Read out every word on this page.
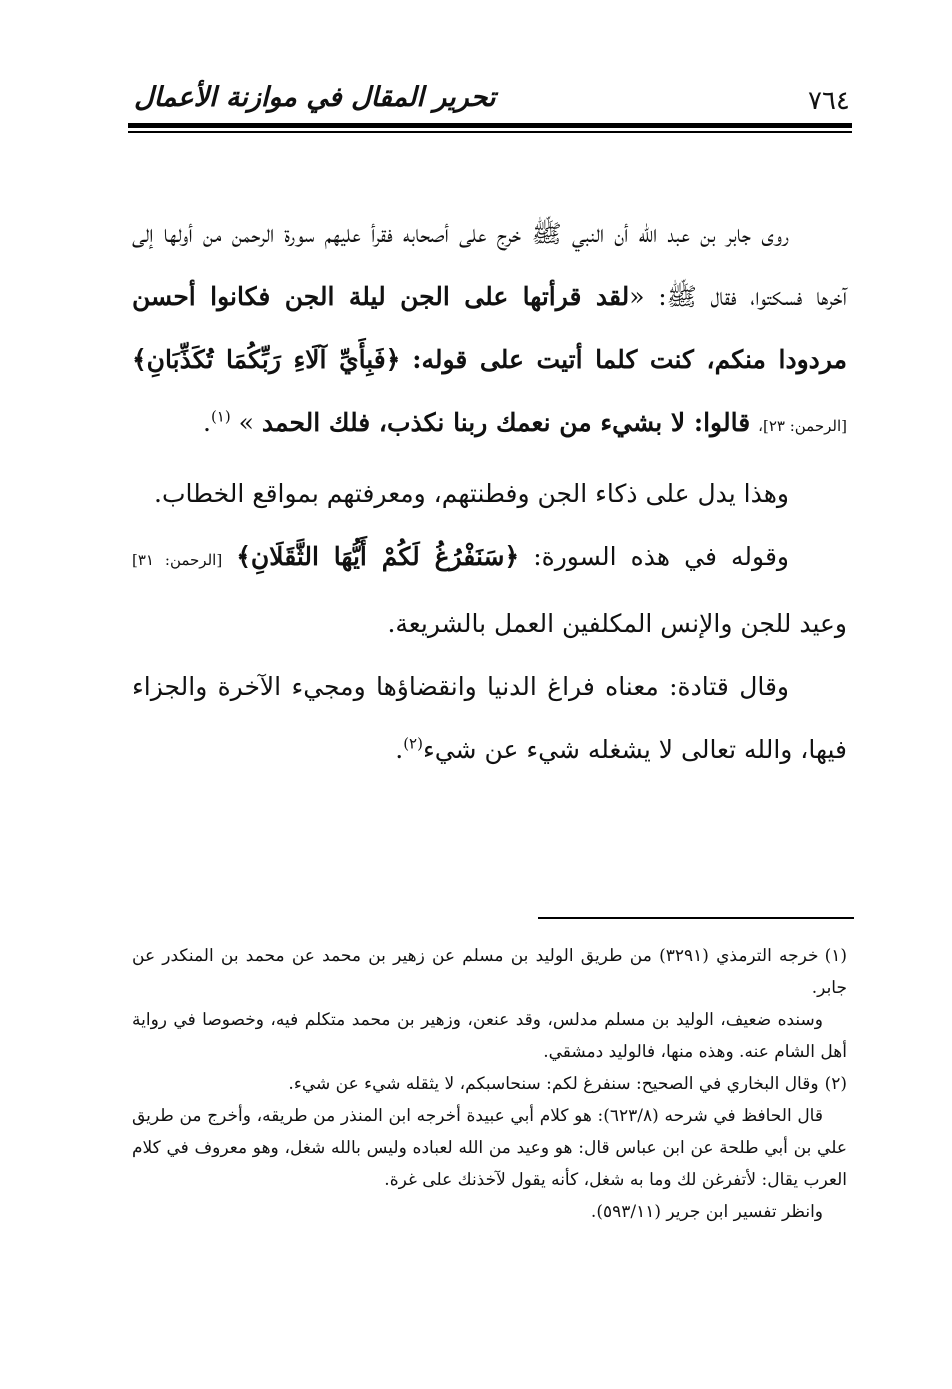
٧٦٤
تحرير المقال في موازنة الأعمال

روى جابر بن عبد الله أن النبي ﷺ خرج على أصحابه فقرأ عليهم سورة الرحمن من أولها إلى آخرها فسكتوا، فقال ﷺ: «لقد قرأتها على الجن ليلة الجن فكانوا أحسن مردودا منكم، كنت كلما أتيت على قوله: ﴿فَبِأَيِّ آلَاءِ رَبِّكُمَا تُكَذِّبَانِ﴾ [الرحمن: ٢٣]، قالوا: لا بشيء من نعمك ربنا نكذب، فلك الحمد » $^{(١)}$.

وهذا يدل على ذكاء الجن وفطنتهم، ومعرفتهم بمواقع الخطاب.

وقوله في هذه السورة: ﴿سَنَفْرُغُ لَكُمْ أَيُّهَا الثَّقَلَانِ﴾ [الرحمن: ٣١] وعيد للجن والإنس المكلفين العمل بالشريعة.

وقال قتادة: معناه فراغ الدنيا وانقضاؤها ومجيء الآخرة والجزاء فيها، والله تعالى لا يشغله شيء عن شيء$^{(٢)}$.

(١)خرجه الترمذي (٣٢٩١) من طريق الوليد بن مسلم عن زهير بن محمد عن محمد بن المنكدر عن جابر.

وسنده ضعيف، الوليد بن مسلم مدلس، وقد عنعن، وزهير بن محمد متكلم فيه، وخصوصا في رواية أهل الشام عنه. وهذه منها، فالوليد دمشقي.

(٢)وقال البخاري في الصحيح: سنفرغ لكم: سنحاسبكم، لا يثقله شيء عن شيء.

قال الحافظ في شرحه (٦٢٣/٨): هو كلام أبي عبيدة أخرجه ابن المنذر من طريقه، وأخرج من طريق علي بن أبي طلحة عن ابن عباس قال: هو وعيد من الله لعباده وليس بالله شغل، وهو معروف في كلام العرب يقال: لأتفرغن لك وما به شغل، كأنه يقول لآخذنك على غرة.

وانظر تفسير ابن جرير (٥٩٣/١١).
